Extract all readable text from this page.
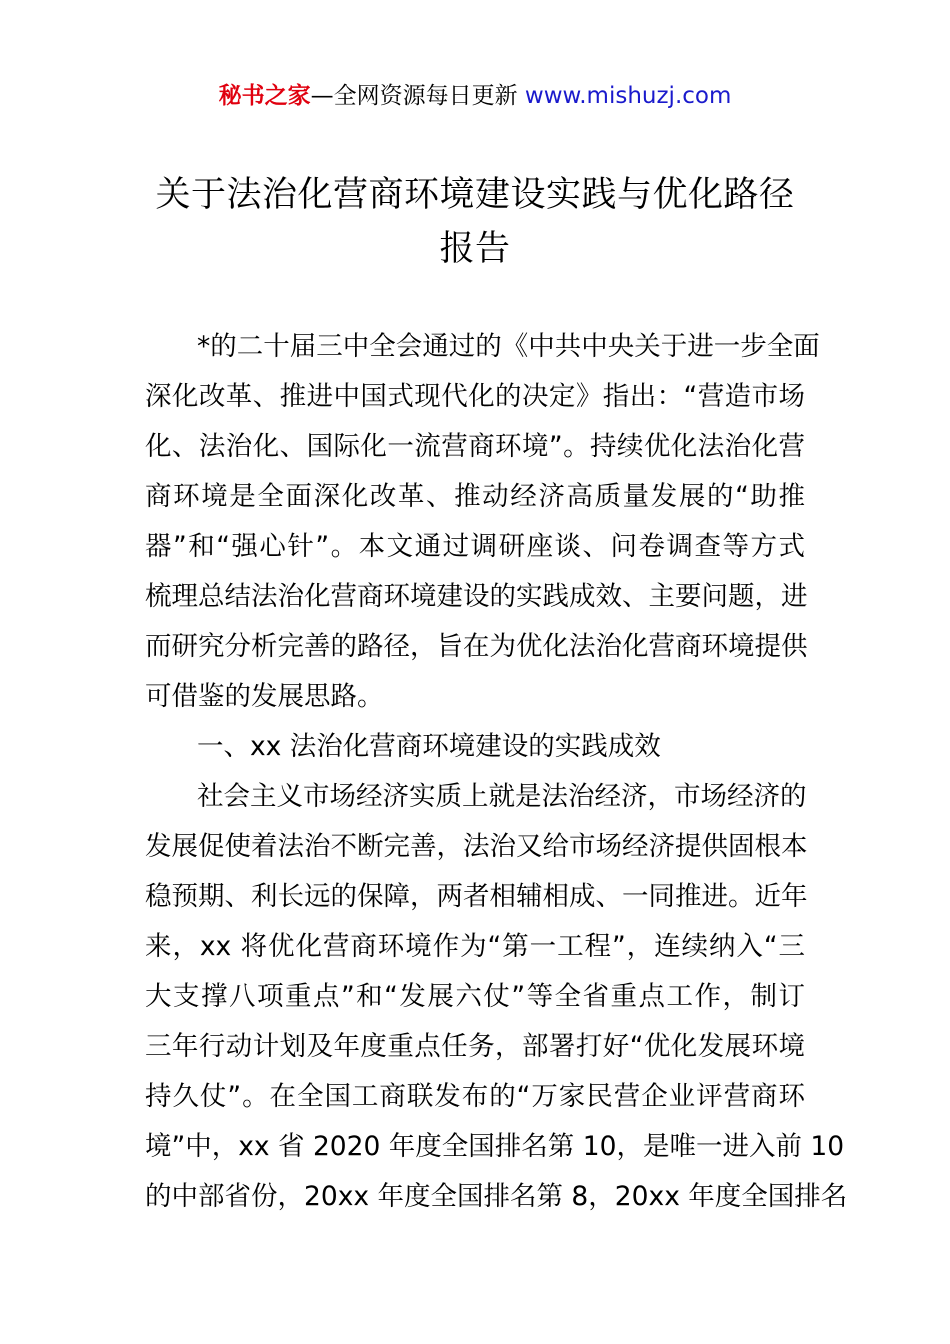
秘书之家—全网资源每日更新 www.mishuzj.com
关于法治化营商环境建设实践与优化路径
报告
*的二十届三中全会通过的《中共中央关于进一步全面
深化改革、推进中国式现代化的决定》指出：“营造市场
化、法治化、国际化一流营商环境”。持续优化法治化营
商环境是全面深化改革、推动经济高质量发展的“助推
器”和“强心针”。本文通过调研座谈、问卷调查等方式
梳理总结法治化营商环境建设的实践成效、主要问题，进
而研究分析完善的路径，旨在为优化法治化营商环境提供
可借鉴的发展思路。
一、xx 法治化营商环境建设的实践成效
社会主义市场经济实质上就是法治经济，市场经济的
发展促使着法治不断完善，法治又给市场经济提供固根本
稳预期、利长远的保障，两者相辅相成、一同推进。近年
来，xx 将优化营商环境作为“第一工程”，连续纳入“三
大支撑八项重点”和“发展六仗”等全省重点工作，制订
三年行动计划及年度重点任务，部署打好“优化发展环境
持久仗”。在全国工商联发布的“万家民营企业评营商环
境”中，xx 省 2020 年度全国排名第 10，是唯一进入前 10
的中部省份，20xx 年度全国排名第 8，20xx 年度全国排名
